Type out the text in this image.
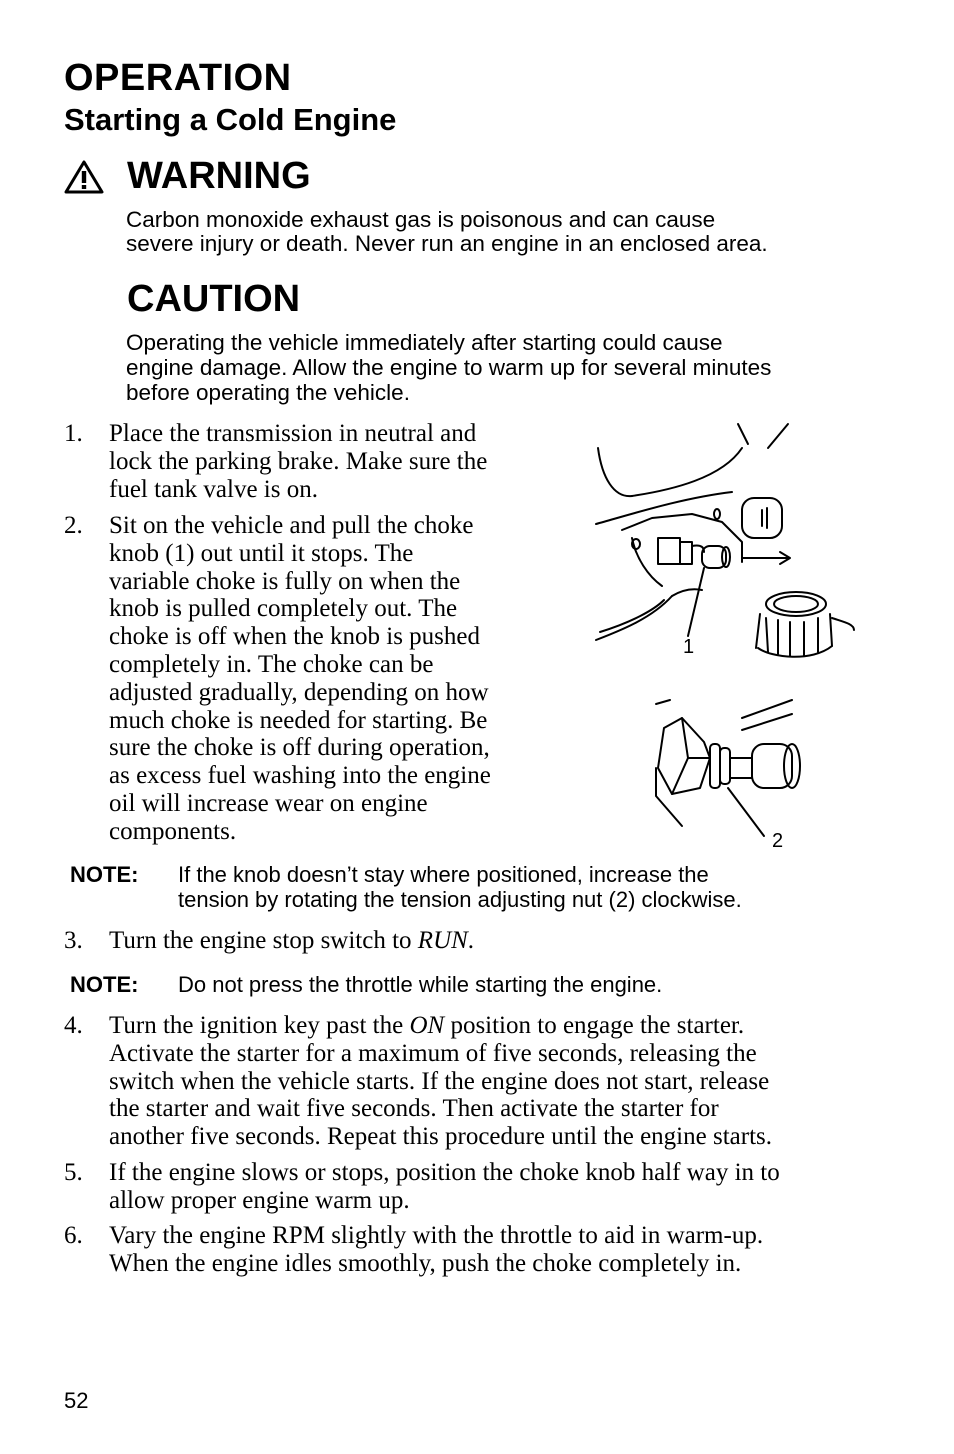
OPERATION
Starting a Cold Engine
WARNING
Carbon monoxide exhaust gas is poisonous and can cause
severe injury or death. Never run an engine in an enclosed area.
CAUTION
Operating the vehicle immediately after starting could cause
engine damage. Allow the engine to warm up for several minutes
before operating the vehicle.
1.	Place the transmission in neutral and
lock the parking brake. Make sure the
fuel tank valve is on.
2.	Sit on the vehicle and pull the choke
knob (1) out until it stops. The
variable choke is fully on when the
knob is pulled completely out. The
choke is off when the knob is pushed
completely in. The choke can be
adjusted gradually, depending on how
much choke is needed for starting. Be
sure the choke is off during operation,
as excess fuel washing into the engine
oil will increase wear on engine
components.
1
2
NOTE: If the knob doesn’t stay where positioned, increase the
tension by rotating the tension adjusting nut (2) clockwise.
3.	Turn the engine stop switch to RUN.
NOTE: Do not press the throttle while starting the engine.
4.	Turn the ignition key past the ON position to engage the starter.
Activate the starter for a maximum of five seconds, releasing the
switch when the vehicle starts. If the engine does not start, release
the starter and wait five seconds. Then activate the starter for
another five seconds. Repeat this procedure until the engine starts.
5.	If the engine slows or stops, position the choke knob half way in to
allow proper engine warm up.
6.	Vary the engine RPM slightly with the throttle to aid in warm-up.
When the engine idles smoothly, push the choke completely in.
52
